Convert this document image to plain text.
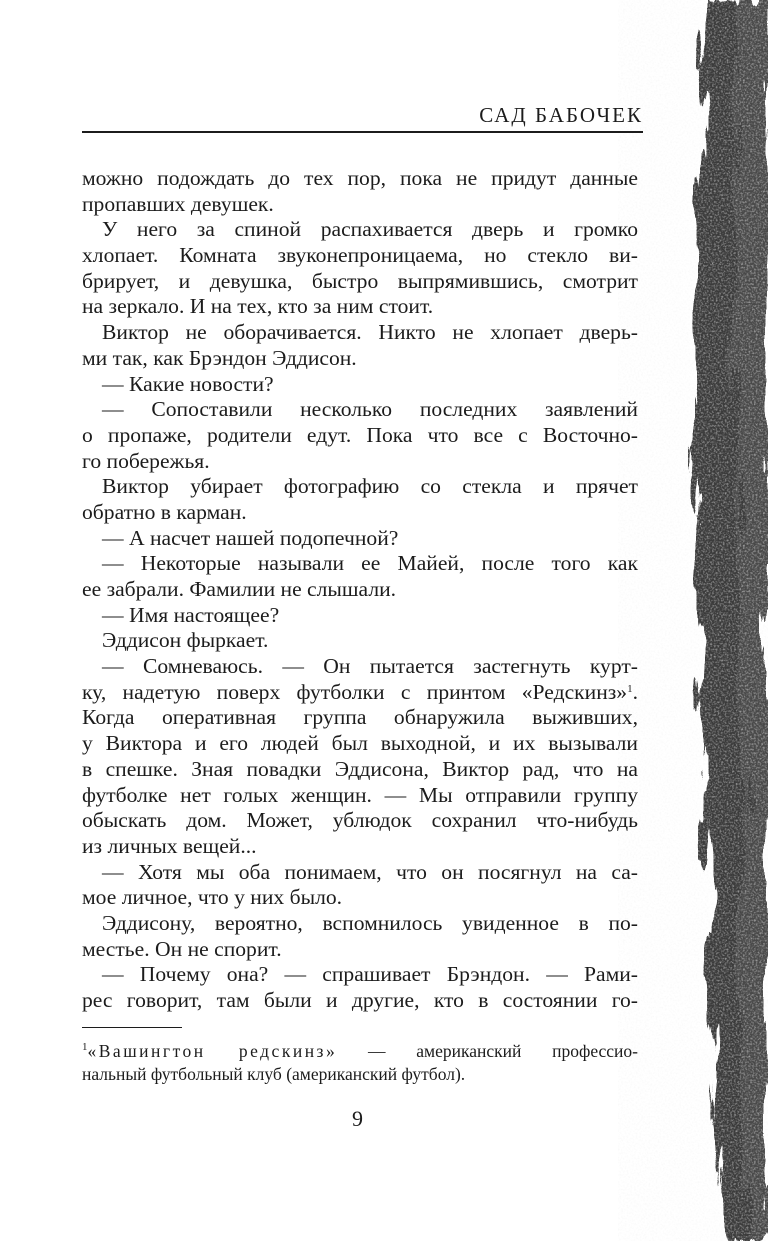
САД БАБОЧЕК
можно подождать до тех пор, пока не придут данные
пропавших девушек.
У него за спиной распахивается дверь и громко
хлопает. Комната звуконепроницаема, но стекло ви-
брирует, и девушка, быстро выпрямившись, смотрит
на зеркало. И на тех, кто за ним стоит.
Виктор не оборачивается. Никто не хлопает дверь-
ми так, как Брэндон Эддисон.
— Какие новости?
— Сопоставили несколько последних заявлений
о пропаже, родители едут. Пока что все с Восточно-
го побережья.
Виктор убирает фотографию со стекла и прячет
обратно в карман.
— А насчет нашей подопечной?
— Некоторые называли ее Майей, после того как
ее забрали. Фамилии не слышали.
— Имя настоящее?
Эддисон фыркает.
— Сомневаюсь. — Он пытается застегнуть курт-
ку, надетую поверх футболки с принтом «Редскинз»$^1$.
Когда оперативная группа обнаружила выживших,
у Виктора и его людей был выходной, и их вызывали
в спешке. Зная повадки Эддисона, Виктор рад, что на
футболке нет голых женщин. — Мы отправили группу
обыскать дом. Может, ублюдок сохранил что-нибудь
из личных вещей...
— Хотя мы оба понимаем, что он посягнул на са-
мое личное, что у них было.
Эддисону, вероятно, вспомнилось увиденное в по-
местье. Он не спорит.
— Почему она? — спрашивает Брэндон. — Рами-
рес говорит, там были и другие, кто в состоянии го-
$^1$«Вашингтон редскинз» — американский профессио-
нальный футбольный клуб (американский футбол).
9
